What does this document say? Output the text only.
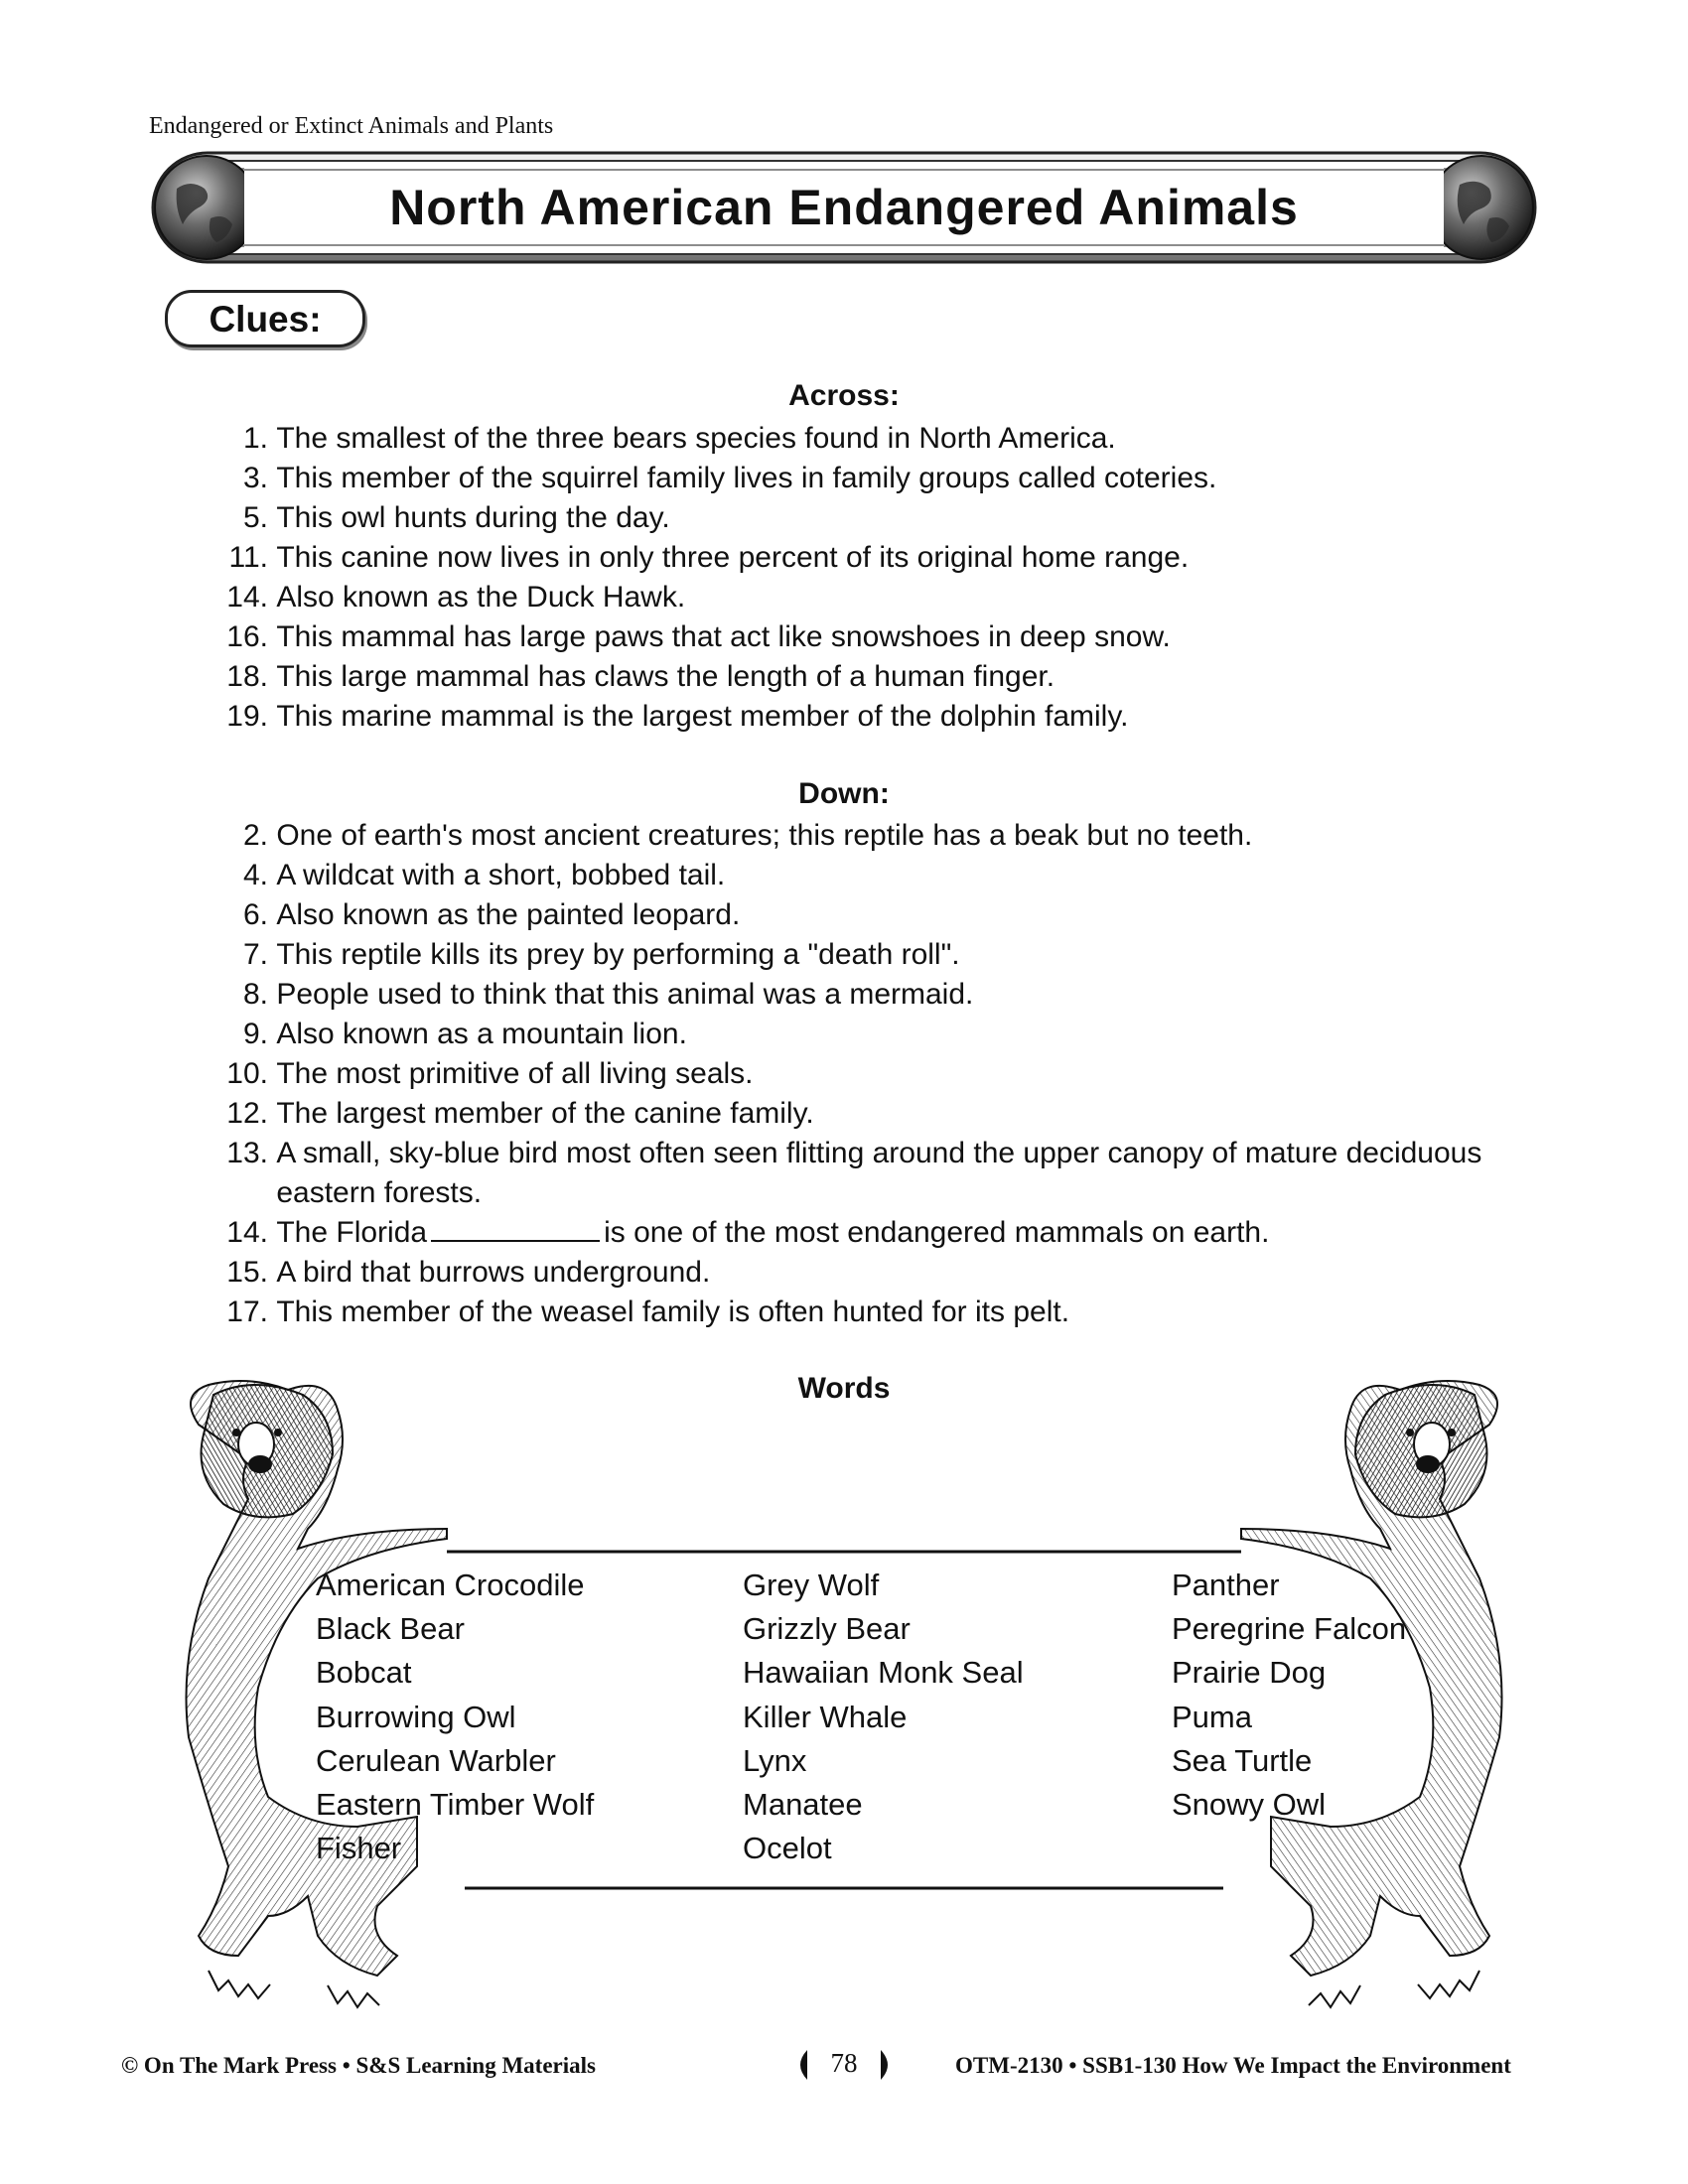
Endangered or Extinct Animals and Plants
North American Endangered Animals
Clues:
Across:
1.
The smallest of the three bears species found in North America.
3.
This member of the squirrel family lives in family groups called coteries.
5.
This owl hunts during the day.
11.
This canine now lives in only three percent of its original home range.
14.
Also known as the Duck Hawk.
16.
This mammal has large paws that act like snowshoes in deep snow.
18.
This large mammal has claws the length of a human finger.
19.
This marine mammal is the largest member of the dolphin family.
Down:
2.
One of earth's most ancient creatures; this reptile has a beak but no teeth.
4.
A wildcat with a short, bobbed tail.
6.
Also known as the painted leopard.
7.
This reptile kills its prey by performing a "death roll".
8.
People used to think that this animal was a mermaid.
9.
Also known as a mountain lion.
10.
The most primitive of all living seals.
12.
The largest member of the canine family.
13.
A small, sky-blue bird most often seen flitting around the upper canopy of mature deciduous eastern forests.
14.
The Florida	is one of the most endangered mammals on earth.
15.
A bird that burrows underground.
17.
This member of the weasel family is often hunted for its pelt.
Words
American Crocodile
Black Bear
Bobcat
Burrowing Owl
Cerulean Warbler
Eastern Timber Wolf
Fisher
Grey Wolf
Grizzly Bear
Hawaiian Monk Seal
Killer Whale
Lynx
Manatee
Ocelot
Panther
Peregrine Falcon
Prairie Dog
Puma
Sea Turtle
Snowy Owl
© On The Mark Press • S&S Learning Materials	78	OTM-2130 • SSB1-130 How We Impact the Environment
